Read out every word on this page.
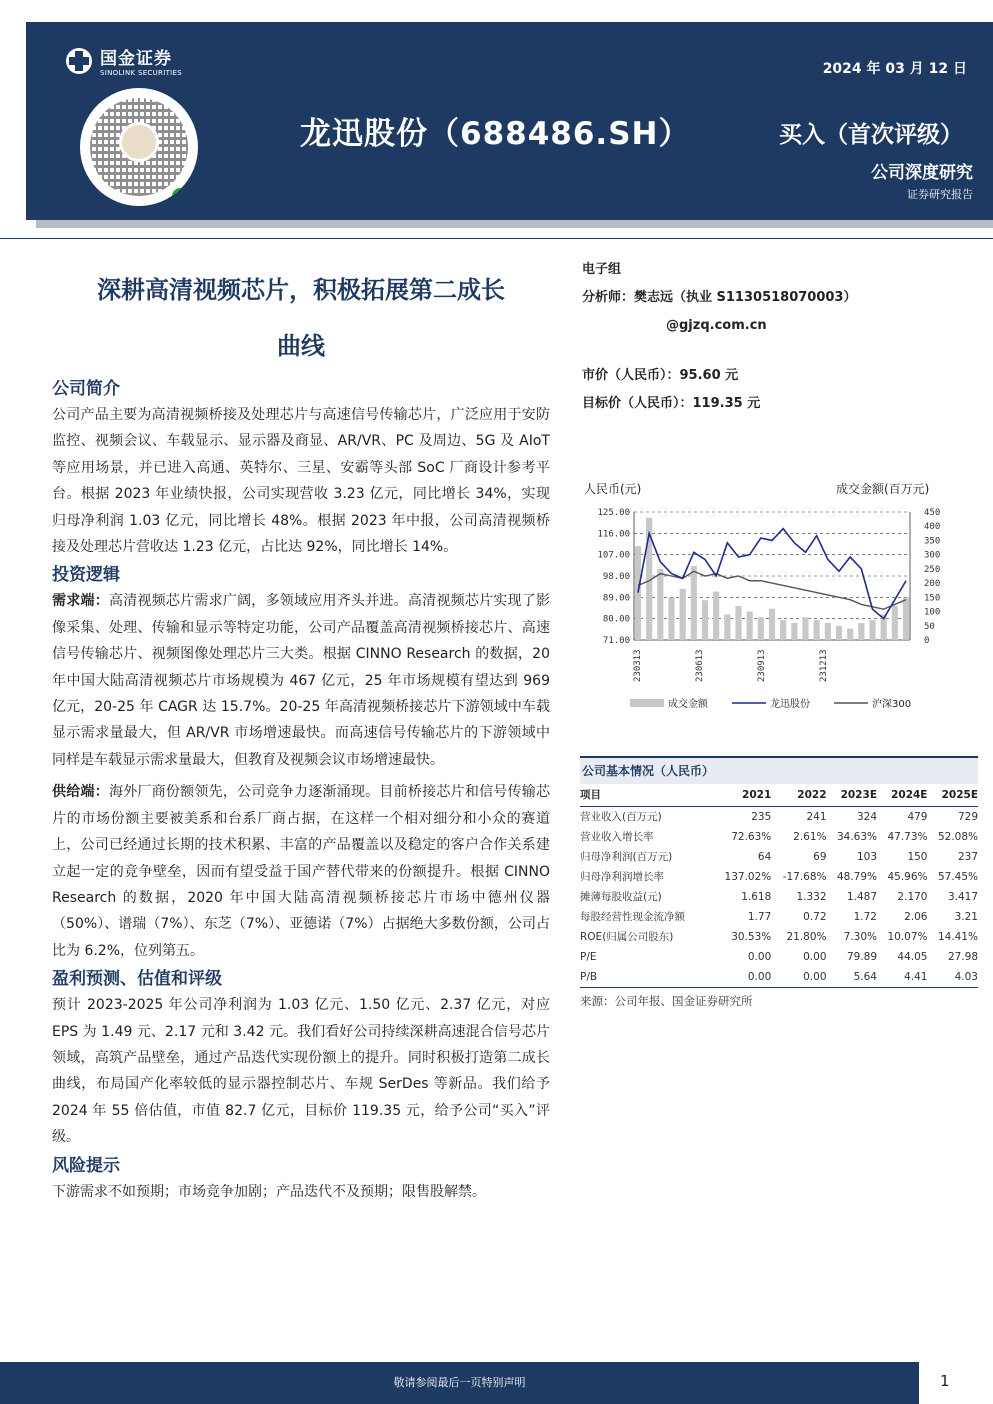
国金证券
SINOLINK SECURITIES	2024 年 03 月 12 日
龙迅股份（688486.SH）	买入（首次评级）
公司深度研究
证券研究报告
深耕高清视频芯片，积极拓展第二成长
曲线
公司简介

公司产品主要为高清视频桥接及处理芯片与高速信号传输芯片，广泛应用于安防监控、视频会议、车载显示、显示器及商显、AR/VR、PC 及周边、5G 及 AIoT 等应用场景，并已进入高通、英特尔、三星、安霸等头部 SoC 厂商设计参考平台。根据 2023 年业绩快报，公司实现营收 3.23 亿元，同比增长 34%，实现归母净利润 1.03 亿元，同比增长 48%。根据 2023 年中报，公司高清视频桥接及处理芯片营收达 1.23 亿元，占比达 92%，同比增长 14%。

投资逻辑

需求端：高清视频芯片需求广阔，多领域应用齐头并进。高清视频芯片实现了影像采集、处理、传输和显示等特定功能，公司产品覆盖高清视频桥接芯片、高速信号传输芯片、视频图像处理芯片三大类。根据 CINNO Research 的数据，20 年中国大陆高清视频芯片市场规模为 467 亿元，25 年市场规模有望达到 969 亿元，20-25 年 CAGR 达 15.7%。20-25 年高清视频桥接芯片下游领域中车载显示需求量最大，但 AR/VR 市场增速最快。而高速信号传输芯片的下游领域中同样是车载显示需求量最大，但教育及视频会议市场增速最快。

供给端：海外厂商份额领先，公司竞争力逐渐涌现。目前桥接芯片和信号传输芯片的市场份额主要被美系和台系厂商占据，在这样一个相对细分和小众的赛道上，公司已经通过长期的技术积累、丰富的产品覆盖以及稳定的客户合作关系建立起一定的竞争壁垒，因而有望受益于国产替代带来的份额提升。根据 CINNO Research 的数据，2020 年中国大陆高清视频桥接芯片市场中德州仪器（50%）、谱瑞（7%）、东芝（7%）、亚德诺（7%）占据绝大多数份额，公司占比为 6.2%，位列第五。

盈利预测、估值和评级

预计 2023-2025 年公司净利润为 1.03 亿元、1.50 亿元、2.37 亿元，对应 EPS 为 1.49 元、2.17 元和 3.42 元。我们看好公司持续深耕高速混合信号芯片领域，高筑产品壁垒，通过产品迭代实现份额上的提升。同时积极打造第二成长曲线，布局国产化率较低的显示器控制芯片、车规 SerDes 等新品。我们给予 2024 年 55 倍估值，市值 82.7 亿元，目标价 119.35 元，给予公司“买入”评级。

风险提示

下游需求不如预期；市场竞争加剧；产品迭代不及预期；限售股解禁。

电子组
分析师：樊志远（执业 S1130518070003）
@gjzq.com.cn
市价（人民币）：95.60 元
目标价（人民币）：119.35 元
人民币(元)	成交金额(百万元)
125.00
116.00
107.00
98.00
89.00
80.00
71.00
450
400
350
300
250
200
150
100
50
0
230313	230613	230913	231213
成交金额	龙迅股份	沪深300
公司基本情况（人民币）
项目	2021	2022	2023E	2024E	2025E
营业收入(百万元)	235	241	324	479	729
营业收入增长率	72.63%	2.61%	34.63%	47.73%	52.08%
归母净利润(百万元)	64	69	103	150	237
归母净利润增长率	137.02%	-17.68%	48.79%	45.96%	57.45%
摊薄每股收益(元)	1.618	1.332	1.487	2.170	3.417
每股经营性现金流净额	1.77	0.72	1.72	2.06	3.21
ROE(归属公司股东)	30.53%	21.80%	7.30%	10.07%	14.41%
P/E	0.00	0.00	79.89	44.05	27.98
P/B	0.00	0.00	5.64	4.41	4.03
来源：公司年报、国金证券研究所
敬请参阅最后一页特别声明	1
